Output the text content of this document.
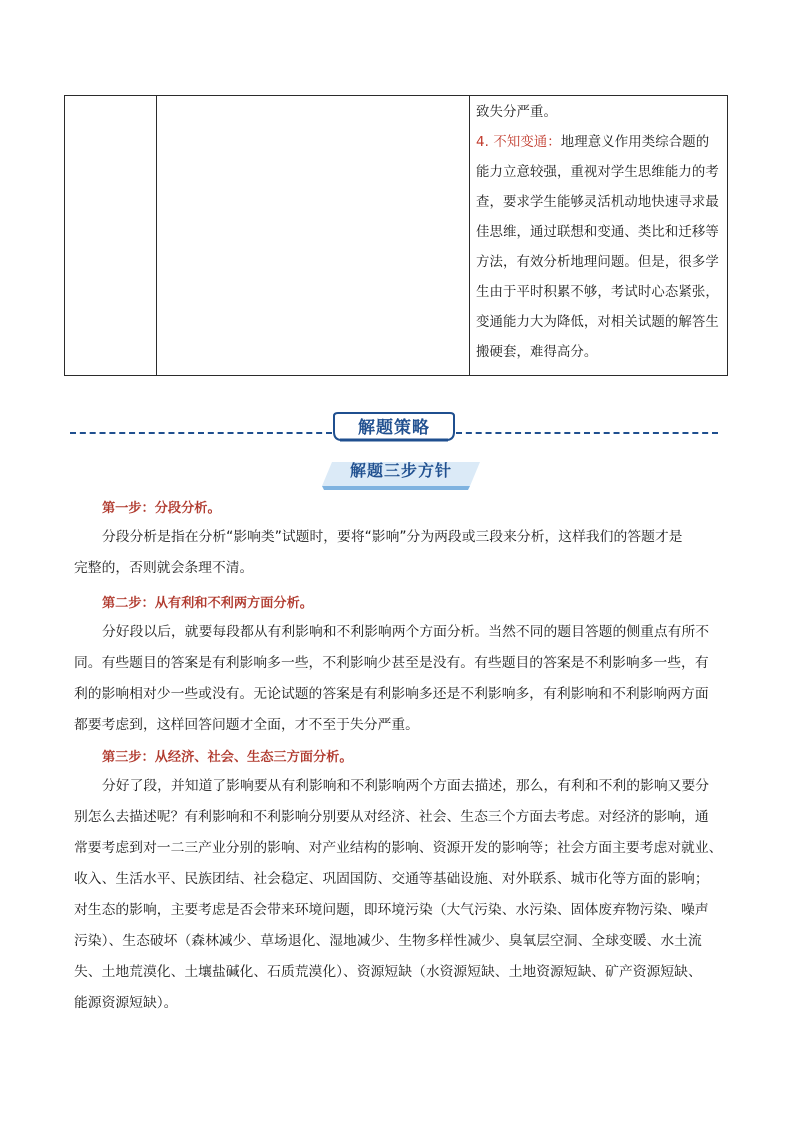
致失分严重。
4. 不知变通：地理意义作用类综合题的
能力立意较强，重视对学生思维能力的考
查，要求学生能够灵活机动地快速寻求最
佳思维，通过联想和变通、类比和迁移等
方法，有效分析地理问题。但是，很多学
生由于平时积累不够，考试时心态紧张，
变通能力大为降低，对相关试题的解答生
搬硬套，难得高分。
解题策略
解题三步方针
第一步：分段分析。
分段分析是指在分析“影响类”试题时，要将“影响”分为两段或三段来分析，这样我们的答题才是
完整的，否则就会条理不清。
第二步：从有利和不利两方面分析。
分好段以后，就要每段都从有利影响和不利影响两个方面分析。当然不同的题目答题的侧重点有所不
同。有些题目的答案是有利影响多一些，不利影响少甚至是没有。有些题目的答案是不利影响多一些，有
利的影响相对少一些或没有。无论试题的答案是有利影响多还是不利影响多，有利影响和不利影响两方面
都要考虑到，这样回答问题才全面，才不至于失分严重。
第三步：从经济、社会、生态三方面分析。
分好了段，并知道了影响要从有利影响和不利影响两个方面去描述，那么，有利和不利的影响又要分
别怎么去描述呢？有利影响和不利影响分别要从对经济、社会、生态三个方面去考虑。对经济的影响，通
常要考虑到对一二三产业分别的影响、对产业结构的影响、资源开发的影响等；社会方面主要考虑对就业、
收入、生活水平、民族团结、社会稳定、巩固国防、交通等基础设施、对外联系、城市化等方面的影响；
对生态的影响，主要考虑是否会带来环境问题，即环境污染（大气污染、水污染、固体废弃物污染、噪声
污染）、生态破坏（森林减少、草场退化、湿地减少、生物多样性减少、臭氧层空洞、全球变暖、水土流
失、土地荒漠化、土壤盐碱化、石质荒漠化）、资源短缺（水资源短缺、土地资源短缺、矿产资源短缺、
能源资源短缺）。
